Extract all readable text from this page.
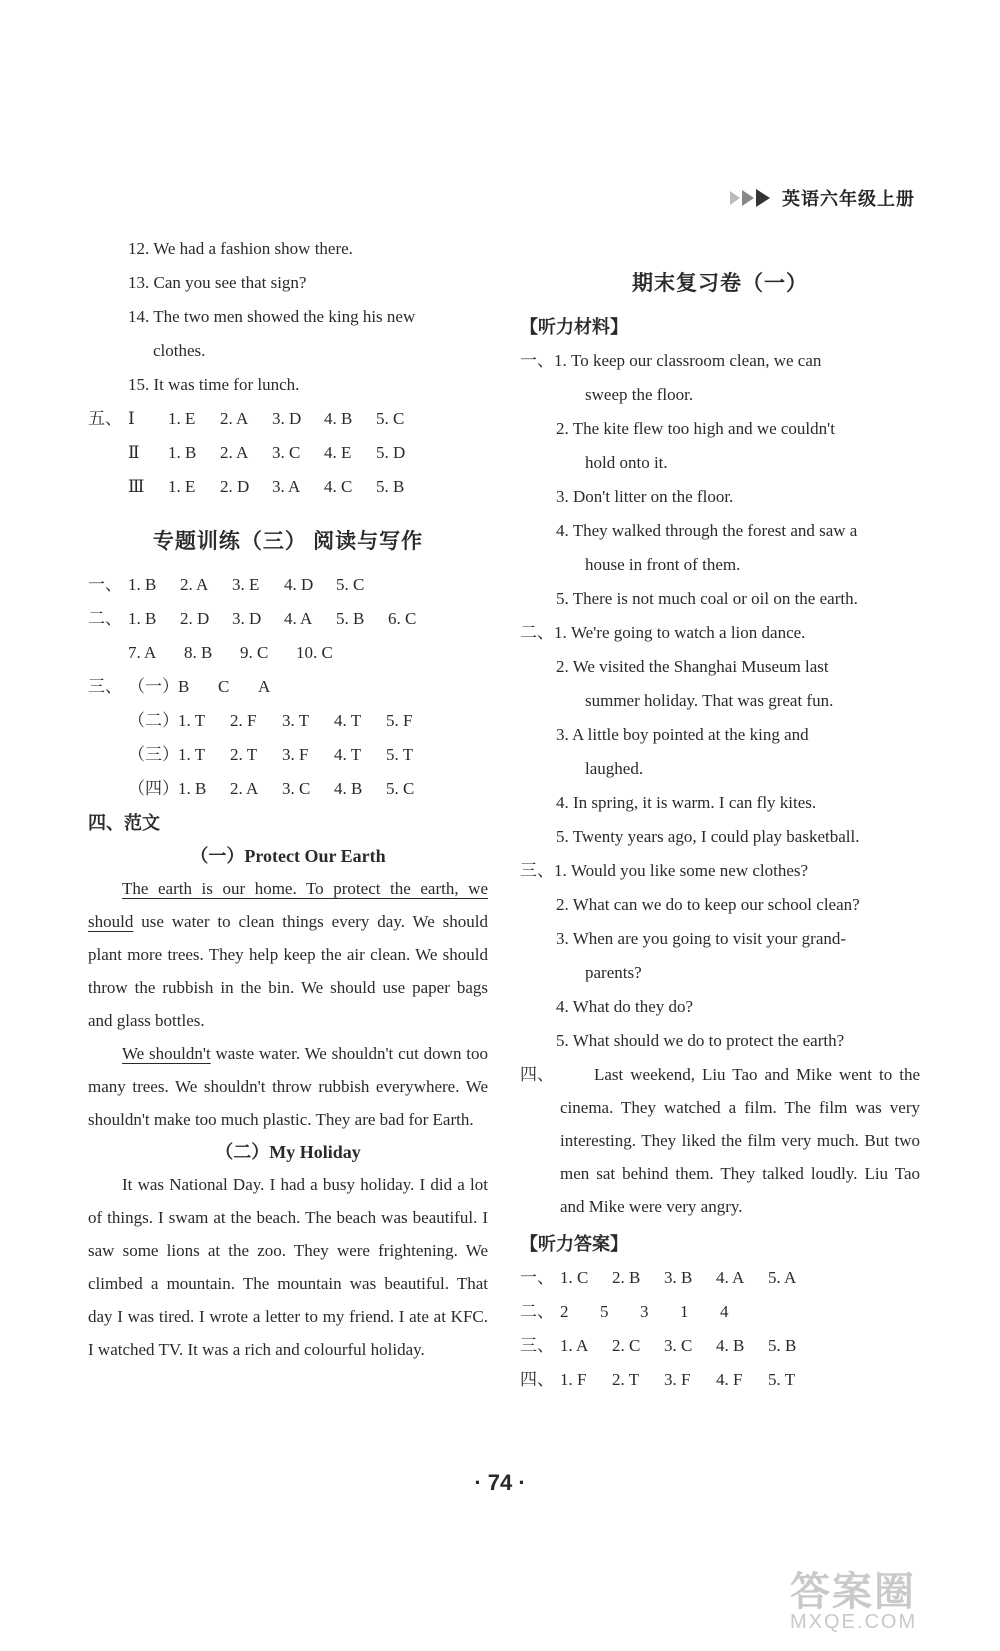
英语六年级上册
12. We had a fashion show there.
13. Can you see that sign?
14. The two men showed the king his new
clothes.
15. It was time for lunch.
五、 Ⅰ	1. E	2. A	3. D	4. B	5. C
Ⅱ	1. B	2. A	3. C	4. E	5. D
Ⅲ	1. E	2. D	3. A	4. C	5. B
专题训练（三） 阅读与写作
一、 1. B	2. A	3. E	4. D	5. C
二、 1. B	2. D	3. D	4. A	5. B	6. C
7. A	8. B	9. C	10. C
三、 （一） B	C	A
（二） 1. T	2. F	3. T	4. T	5. F
（三） 1. T	2. T	3. F	4. T	5. T
（四） 1. B	2. A	3. C	4. B	5. C
四、范文
（一）Protect Our Earth

The earth is our home. To protect the earth, we should use water to clean things every day. We should plant more trees. They help keep the air clean. We should throw the rubbish in the bin. We should use paper bags and glass bottles.

We shouldn't waste water. We shouldn't cut down too many trees. We shouldn't throw rubbish everywhere. We shouldn't make too much plastic. They are bad for Earth.

（二）My Holiday

It was National Day. I had a busy holiday. I did a lot of things. I swam at the beach. The beach was beautiful. I saw some lions at the zoo. They were frightening. We climbed a mountain. The mountain was beautiful. That day I was tired. I wrote a letter to my friend. I ate at KFC. I watched TV. It was a rich and colourful holiday.

期末复习卷（一）
【听力材料】
一、1. To keep our classroom clean, we can
sweep the floor.
2. The kite flew too high and we couldn't
hold onto it.
3. Don't litter on the floor.
4. They walked through the forest and saw a
house in front of them.
5. There is not much coal or oil on the earth.
二、1. We're going to watch a lion dance.
2. We visited the Shanghai Museum last
summer holiday. That was great fun.
3. A little boy pointed at the king and
laughed.
4. In spring, it is warm. I can fly kites.
5. Twenty years ago, I could play basketball.
三、1. Would you like some new clothes?
2. What can we do to keep our school clean?
3. When are you going to visit your grand-
parents?
4. What do they do?
5. What should we do to protect the earth?
四、	Last weekend, Liu Tao and Mike went to the cinema. They watched a film. The film was very interesting. They liked the film very much. But two men sat behind them. They talked loudly. Liu Tao and Mike were very angry.

【听力答案】
一、 1. C	2. B	3. B	4. A	5. A
二、 2	5	3	1	4
三、 1. A	2. C	3. C	4. B	5. B
四、 1. F	2. T	3. F	4. F	5. T
· 74 ·
答案圈
MXQE.COM
